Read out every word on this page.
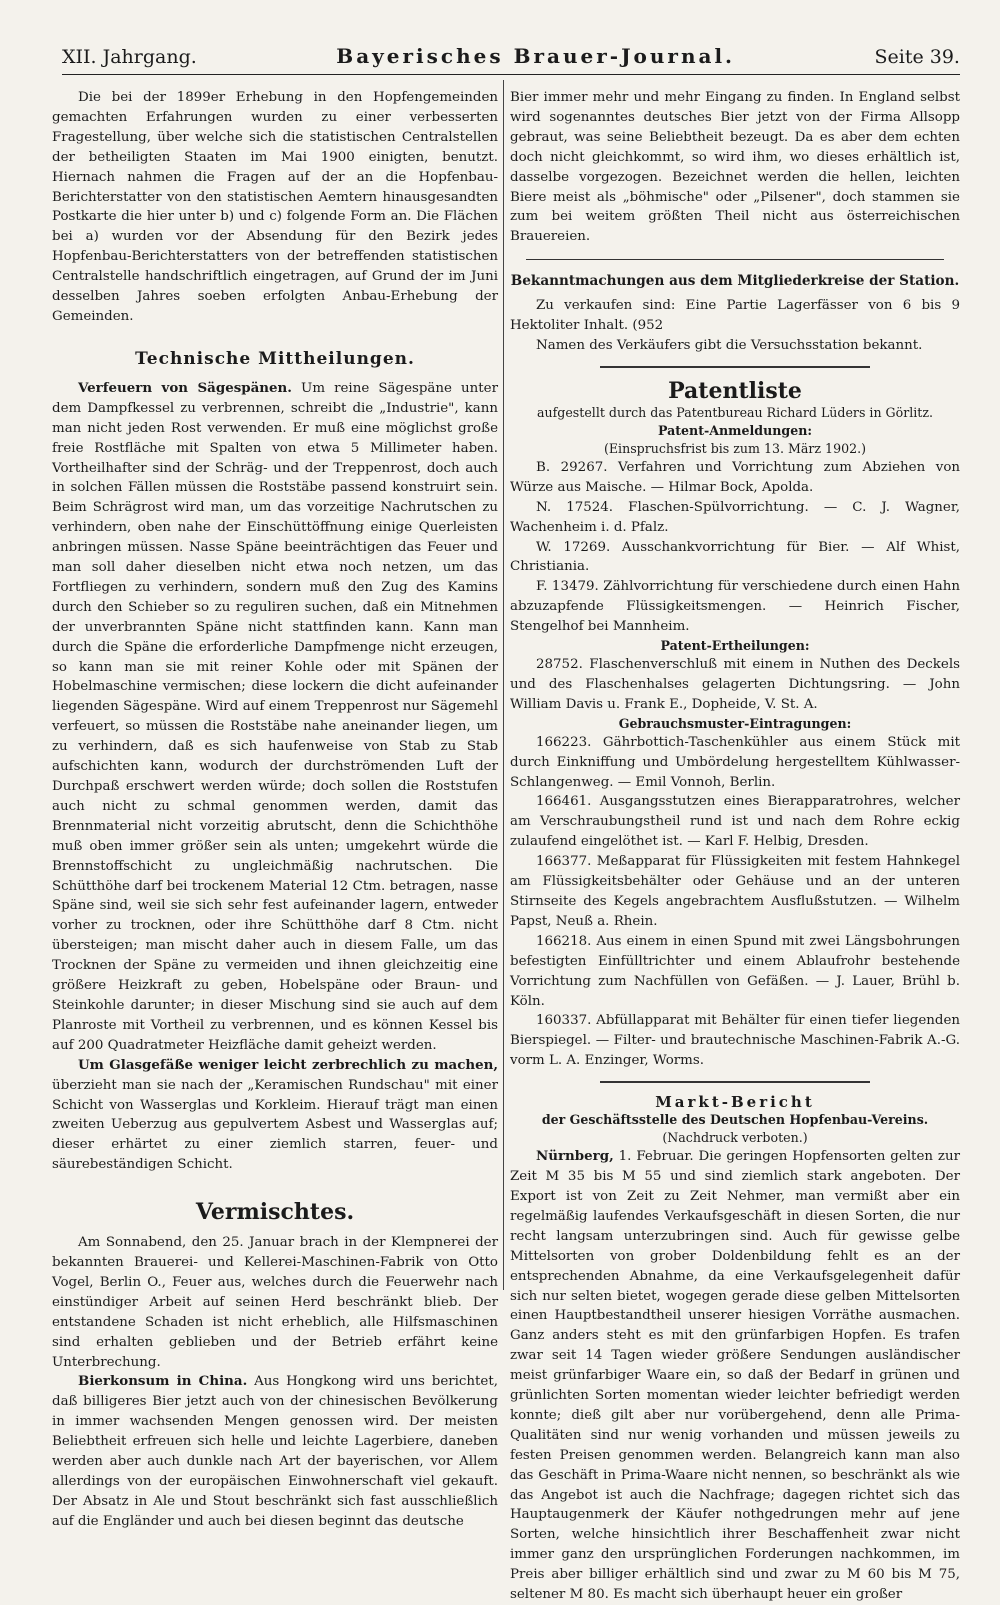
XII. Jahrgang.	Bayerisches Brauer-Journal.	Seite 39.

Die bei der 1899er Erhebung in den Hopfengemeinden gemachten Erfahrungen wurden zu einer verbesserten Fragestellung, über welche sich die statistischen Centralstellen der betheiligten Staaten im Mai 1900 einigten, benutzt. Hiernach nahmen die Fragen auf der an die Hopfenbau-Berichterstatter von den statistischen Aemtern hinausgesandten Postkarte die hier unter b) und c) folgende Form an. Die Flächen bei a) wurden vor der Absendung für den Bezirk jedes Hopfenbau-Berichterstatters von der betreffenden statistischen Centralstelle handschriftlich eingetragen, auf Grund der im Juni desselben Jahres soeben erfolgten Anbau-Erhebung der Gemeinden.

Technische Mittheilungen.

Verfeuern von Sägespänen. Um reine Sägespäne unter dem Dampfkessel zu verbrennen, schreibt die „Industrie", kann man nicht jeden Rost verwenden. Er muß eine möglichst große freie Rostfläche mit Spalten von etwa 5 Millimeter haben. Vortheilhafter sind der Schräg- und der Treppenrost, doch auch in solchen Fällen müssen die Roststäbe passend konstruirt sein. Beim Schrägrost wird man, um das vorzeitige Nachrutschen zu verhindern, oben nahe der Einschüttöffnung einige Querleisten anbringen müssen. Nasse Späne beeinträchtigen das Feuer und man soll daher dieselben nicht etwa noch netzen, um das Fortfliegen zu verhindern, sondern muß den Zug des Kamins durch den Schieber so zu reguliren suchen, daß ein Mitnehmen der unverbrannten Späne nicht stattfinden kann. Kann man durch die Späne die erforderliche Dampfmenge nicht erzeugen, so kann man sie mit reiner Kohle oder mit Spänen der Hobelmaschine vermischen; diese lockern die dicht aufeinander liegenden Sägespäne. Wird auf einem Treppenrost nur Sägemehl verfeuert, so müssen die Roststäbe nahe aneinander liegen, um zu verhindern, daß es sich haufenweise von Stab zu Stab aufschichten kann, wodurch der durchströmenden Luft der Durchpaß erschwert werden würde; doch sollen die Roststufen auch nicht zu schmal genommen werden, damit das Brennmaterial nicht vorzeitig abrutscht, denn die Schichthöhe muß oben immer größer sein als unten; umgekehrt würde die Brennstoffschicht zu ungleichmäßig nachrutschen. Die Schütthöhe darf bei trockenem Material 12 Ctm. betragen, nasse Späne sind, weil sie sich sehr fest aufeinander lagern, entweder vorher zu trocknen, oder ihre Schütthöhe darf 8 Ctm. nicht übersteigen; man mischt daher auch in diesem Falle, um das Trocknen der Späne zu vermeiden und ihnen gleichzeitig eine größere Heizkraft zu geben, Hobelspäne oder Braun- und Steinkohle darunter; in dieser Mischung sind sie auch auf dem Planroste mit Vortheil zu verbrennen, und es können Kessel bis auf 200 Quadratmeter Heizfläche damit geheizt werden.

Um Glasgefäße weniger leicht zerbrechlich zu machen, überzieht man sie nach der „Keramischen Rundschau" mit einer Schicht von Wasserglas und Korkleim. Hierauf trägt man einen zweiten Ueberzug aus gepulvertem Asbest und Wasserglas auf; dieser erhärtet zu einer ziemlich starren, feuer- und säurebeständigen Schicht.

Vermischtes.

Am Sonnabend, den 25. Januar brach in der Klempnerei der bekannten Brauerei- und Kellerei-Maschinen-Fabrik von Otto Vogel, Berlin O., Feuer aus, welches durch die Feuerwehr nach einstündiger Arbeit auf seinen Herd beschränkt blieb. Der entstandene Schaden ist nicht erheblich, alle Hilfsmaschinen sind erhalten geblieben und der Betrieb erfährt keine Unterbrechung.

Bierkonsum in China. Aus Hongkong wird uns berichtet, daß billigeres Bier jetzt auch von der chinesischen Bevölkerung in immer wachsenden Mengen genossen wird. Der meisten Beliebtheit erfreuen sich helle und leichte Lagerbiere, daneben werden aber auch dunkle nach Art der bayerischen, vor Allem allerdings von der europäischen Einwohnerschaft viel gekauft. Der Absatz in Ale und Stout beschränkt sich fast ausschließlich auf die Engländer und auch bei diesen beginnt das deutsche

Bier immer mehr und mehr Eingang zu finden. In England selbst wird sogenanntes deutsches Bier jetzt von der Firma Allsopp gebraut, was seine Beliebtheit bezeugt. Da es aber dem echten doch nicht gleichkommt, so wird ihm, wo dieses erhältlich ist, dasselbe vorgezogen. Bezeichnet werden die hellen, leichten Biere meist als „böhmische" oder „Pilsener", doch stammen sie zum bei weitem größten Theil nicht aus österreichischen Brauereien.

Bekanntmachungen aus dem Mitgliederkreise der Station.

Zu verkaufen sind: Eine Partie Lagerfässer von 6 bis 9 Hektoliter Inhalt. (952

Namen des Verkäufers gibt die Versuchsstation bekannt.

Patentliste

aufgestellt durch das Patentbureau Richard Lüders in Görlitz.

Patent-Anmeldungen:

(Einspruchsfrist bis zum 13. März 1902.)

B. 29267. Verfahren und Vorrichtung zum Abziehen von Würze aus Maische. — Hilmar Bock, Apolda.

N. 17524. Flaschen-Spülvorrichtung. — C. J. Wagner, Wachenheim i. d. Pfalz.

W. 17269. Ausschankvorrichtung für Bier. — Alf Whist, Christiania.

F. 13479. Zählvorrichtung für verschiedene durch einen Hahn abzuzapfende Flüssigkeitsmengen. — Heinrich Fischer, Stengelhof bei Mannheim.

Patent-Ertheilungen:

28752. Flaschenverschluß mit einem in Nuthen des Deckels und des Flaschenhalses gelagerten Dichtungsring. — John William Davis u. Frank E., Dopheide, V. St. A.

Gebrauchsmuster-Eintragungen:

166223. Gährbottich-Taschenkühler aus einem Stück mit durch Einkniffung und Umbördelung hergestelltem Kühlwasser-Schlangenweg. — Emil Vonnoh, Berlin.

166461. Ausgangsstutzen eines Bierapparatrohres, welcher am Verschraubungstheil rund ist und nach dem Rohre eckig zulaufend eingelöthet ist. — Karl F. Helbig, Dresden.

166377. Meßapparat für Flüssigkeiten mit festem Hahnkegel am Flüssigkeitsbehälter oder Gehäuse und an der unteren Stirnseite des Kegels angebrachtem Ausflußstutzen. — Wilhelm Papst, Neuß a. Rhein.

166218. Aus einem in einen Spund mit zwei Längsbohrungen befestigten Einfülltrichter und einem Ablaufrohr bestehende Vorrichtung zum Nachfüllen von Gefäßen. — J. Lauer, Brühl b. Köln.

160337. Abfüllapparat mit Behälter für einen tiefer liegenden Bierspiegel. — Filter- und brautechnische Maschinen-Fabrik A.-G. vorm L. A. Enzinger, Worms.

Markt-Bericht

der Geschäftsstelle des Deutschen Hopfenbau-Vereins.

(Nachdruck verboten.)

Nürnberg, 1. Februar. Die geringen Hopfensorten gelten zur Zeit M 35 bis M 55 und sind ziemlich stark angeboten. Der Export ist von Zeit zu Zeit Nehmer, man vermißt aber ein regelmäßig laufendes Verkaufsgeschäft in diesen Sorten, die nur recht langsam unterzubringen sind. Auch für gewisse gelbe Mittelsorten von grober Doldenbildung fehlt es an der entsprechenden Abnahme, da eine Verkaufsgelegenheit dafür sich nur selten bietet, wogegen gerade diese gelben Mittelsorten einen Hauptbestandtheil unserer hiesigen Vorräthe ausmachen. Ganz anders steht es mit den grünfarbigen Hopfen. Es trafen zwar seit 14 Tagen wieder größere Sendungen ausländischer meist grünfarbiger Waare ein, so daß der Bedarf in grünen und grünlichten Sorten momentan wieder leichter befriedigt werden konnte; dieß gilt aber nur vorübergehend, denn alle Prima-Qualitäten sind nur wenig vorhanden und müssen jeweils zu festen Preisen genommen werden. Belangreich kann man also das Geschäft in Prima-Waare nicht nennen, so beschränkt als wie das Angebot ist auch die Nachfrage; dagegen richtet sich das Hauptaugenmerk der Käufer nothgedrungen mehr auf jene Sorten, welche hinsichtlich ihrer Beschaffenheit zwar nicht immer ganz den ursprünglichen Forderungen nachkommen, im Preis aber billiger erhältlich sind und zwar zu M 60 bis M 75, seltener M 80. Es macht sich überhaupt heuer ein großer
